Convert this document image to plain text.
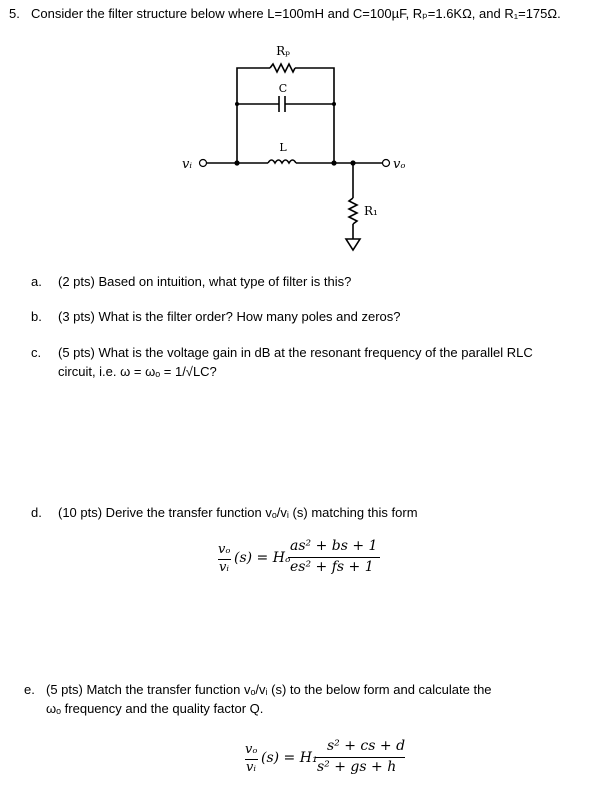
5. Consider the filter structure below where L=100mH and C=100µF, Rₚ=1.6KΩ, and R₁=175Ω.
Rₚ
C
L
R₁
vᵢ	vₒ
a. (2 pts) Based on intuition, what type of filter is this?
b. (3 pts) What is the filter order? How many poles and zeros?
c. (5 pts) What is the voltage gain in dB at the resonant frequency of the parallel RLC
circuit, i.e. ω = ωₒ = 1/√LC?
d. (10 pts) Derive the transfer function vₒ/vᵢ (s) matching this form
vₒ
vᵢ
(s) = Hₒ
as² + bs + 1
es² + fs + 1
e. (5 pts) Match the transfer function vₒ/vᵢ (s) to the below form and calculate the
ωₒ frequency and the quality factor Q.
vₒ
vᵢ
(s) = H₁
s² + cs + d
s² + gs + h
